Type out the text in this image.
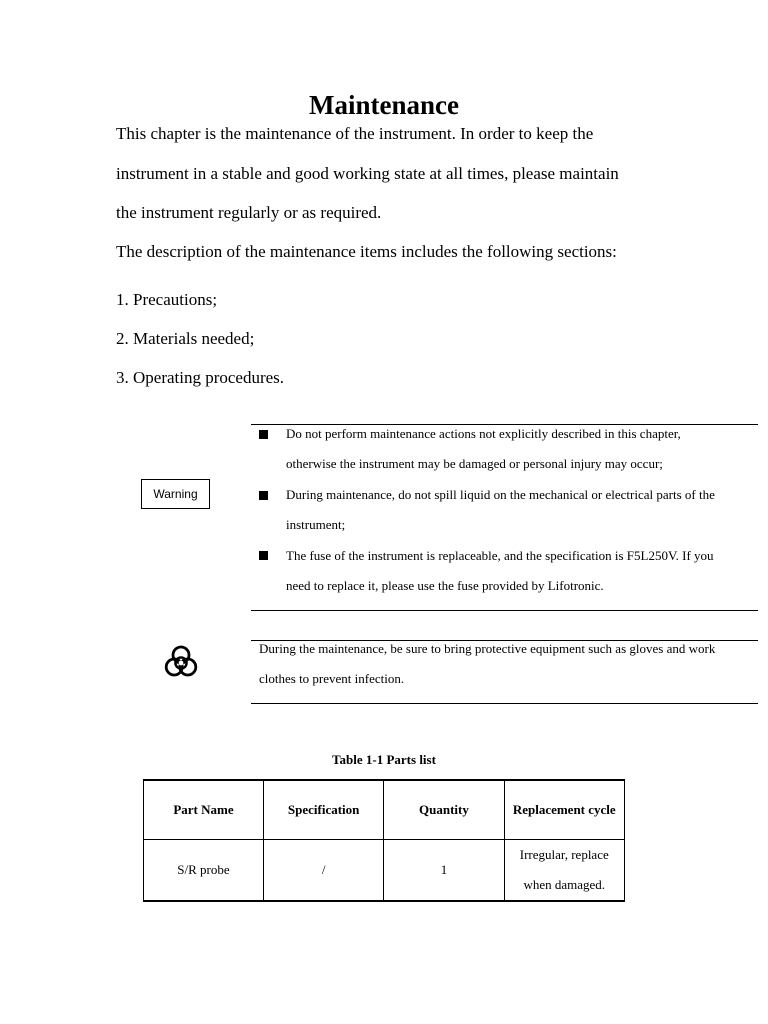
Maintenance

This chapter is the maintenance of the instrument. In order to keep the

instrument in a stable and good working state at all times, please maintain

the instrument regularly or as required.

The description of the maintenance items includes the following sections:

1. Precautions;

2. Materials needed;

3. Operating procedures.

Warning

Do not perform maintenance actions not explicitly described in this chapter,

otherwise the instrument may be damaged or personal injury may occur;

During maintenance, do not spill liquid on the mechanical or electrical parts of the

instrument;

The fuse of the instrument is replaceable, and the specification is F5L250V. If you

need to replace it, please use the fuse provided by Lifotronic.

During the maintenance, be sure to bring protective equipment such as gloves and work

clothes to prevent infection.

Table 1-1 Parts list
Part Name	Specification	Quantity	Replacement cycle
S/R probe	/	1	Irregular, replace when damaged.
